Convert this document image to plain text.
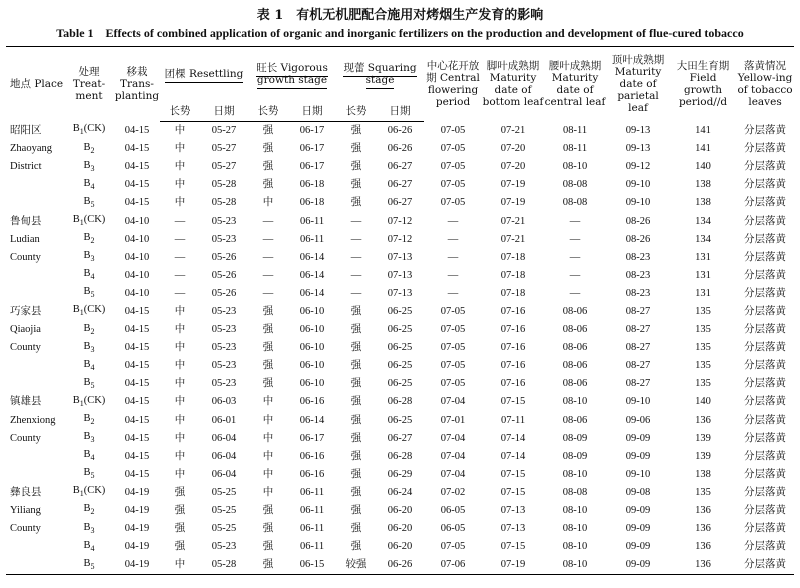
表 1　有机无机肥配合施用对烤烟生产发育的影响
Table 1　Effects of combined application of organic and inorganic fertilizers on the production and development of flue-cured tobacco
地点 Place	处理 Treat-ment	移栽 Trans-planting	团棵 Resettling		旺长 Vigorous growth stage		现蕾 Squaring stage		中心花开放期 Central flowering period	脚叶成熟期 Maturity date of bottom leaf	腰叶成熟期 Maturity date of central leaf	顶叶成熟期 Maturity date of parietal leaf	大田生育期 Field growth period//d	落黄情况 Yellow-ing of tobacco leaves
			长势	日期	长势	日期	长势	日期						
昭阳区	$B_1(CK)$	04-15	中	05-27	强	06-17	强	06-26	07-05	07-21	08-11	09-13	141	分层落黄
Zhaoyang	$B_2$	04-15	中	05-27	强	06-17	强	06-26	07-05	07-20	08-11	09-13	141	分层落黄
District	$B_3$	04-15	中	05-27	强	06-17	强	06-27	07-05	07-20	08-10	09-12	140	分层落黄
	$B_4$	04-15	中	05-28	强	06-18	强	06-27	07-05	07-19	08-08	09-10	138	分层落黄
	$B_5$	04-15	中	05-28	中	06-18	强	06-27	07-05	07-19	08-08	09-10	138	分层落黄
鲁甸县	$B_1(CK)$	04-10	—	05-23	—	06-11	—	07-12	—	07-21	—	08-26	134	分层落黄
Ludian	$B_2$	04-10	—	05-23	—	06-11	—	07-12	—	07-21	—	08-26	134	分层落黄
County	$B_3$	04-10	—	05-26	—	06-14	—	07-13	—	07-18	—	08-23	131	分层落黄
	$B_4$	04-10	—	05-26	—	06-14	—	07-13	—	07-18	—	08-23	131	分层落黄
	$B_5$	04-10	—	05-26	—	06-14	—	07-13	—	07-18	—	08-23	131	分层落黄
巧家县	$B_1(CK)$	04-15	中	05-23	强	06-10	强	06-25	07-05	07-16	08-06	08-27	135	分层落黄
Qiaojia	$B_2$	04-15	中	05-23	强	06-10	强	06-25	07-05	07-16	08-06	08-27	135	分层落黄
County	$B_3$	04-15	中	05-23	强	06-10	强	06-25	07-05	07-16	08-06	08-27	135	分层落黄
	$B_4$	04-15	中	05-23	强	06-10	强	06-25	07-05	07-16	08-06	08-27	135	分层落黄
	$B_5$	04-15	中	05-23	强	06-10	强	06-25	07-05	07-16	08-06	08-27	135	分层落黄
镇雄县	$B_1(CK)$	04-15	中	06-03	中	06-16	强	06-28	07-04	07-15	08-10	09-10	140	分层落黄
Zhenxiong	$B_2$	04-15	中	06-01	中	06-14	强	06-25	07-01	07-11	08-06	09-06	136	分层落黄
County	$B_3$	04-15	中	06-04	中	06-17	强	06-27	07-04	07-14	08-09	09-09	139	分层落黄
	$B_4$	04-15	中	06-04	中	06-16	强	06-28	07-04	07-14	08-09	09-09	139	分层落黄
	$B_5$	04-15	中	06-04	中	06-16	强	06-29	07-04	07-15	08-10	09-10	138	分层落黄
彝良县	$B_1(CK)$	04-19	强	05-25	中	06-11	强	06-24	07-02	07-15	08-08	09-08	135	分层落黄
Yiliang	$B_2$	04-19	强	05-25	强	06-11	强	06-20	06-05	07-13	08-10	09-09	136	分层落黄
County	$B_3$	04-19	强	05-25	强	06-11	强	06-20	06-05	07-13	08-10	09-09	136	分层落黄
	$B_4$	04-19	强	05-23	强	06-11	强	06-20	07-05	07-15	08-10	09-09	136	分层落黄
	$B_5$	04-19	中	05-28	强	06-15	较强	06-26	07-06	07-19	08-10	09-09	136	分层落黄
